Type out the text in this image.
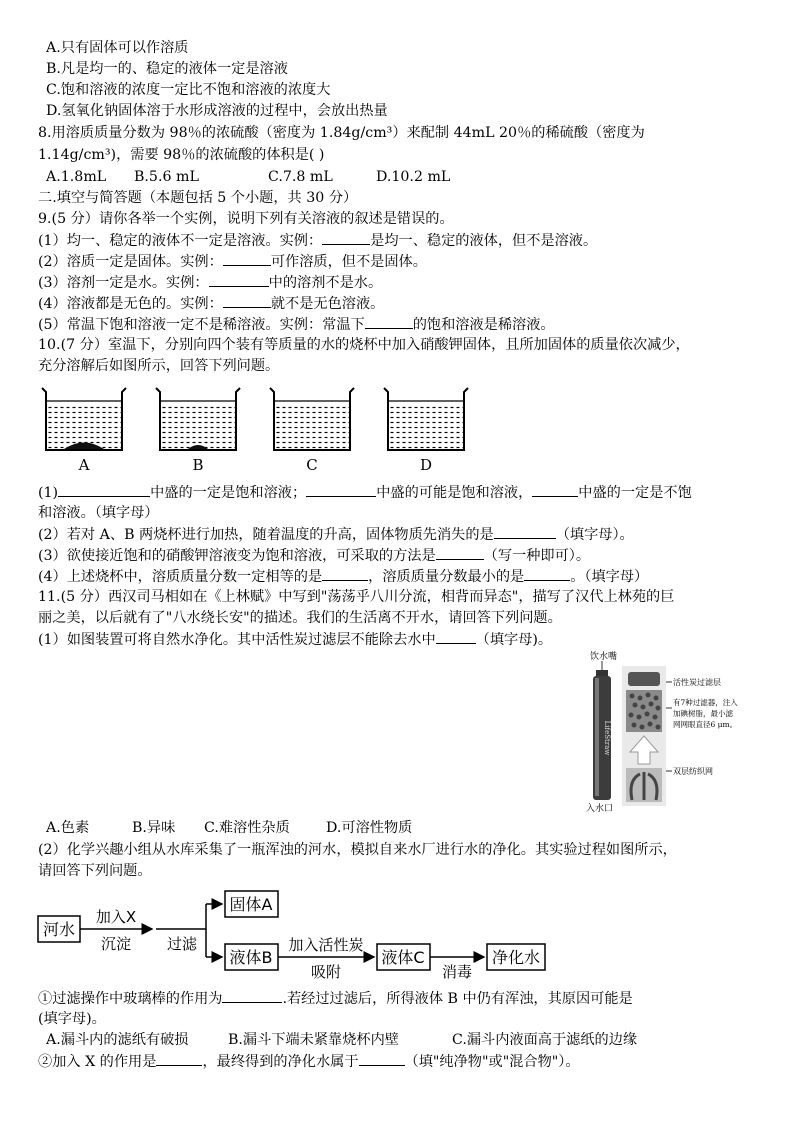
A.只有固体可以作溶质
B.凡是均一的、稳定的液体一定是溶液
C.饱和溶液的浓度一定比不饱和溶液的浓度大
D.氢氧化钠固体溶于水形成溶液的过程中，会放出热量
8.用溶质质量分数为 98％的浓硫酸（密度为 1.84g/cm³）来配制 44mL 20％的稀硫酸（密度为
1.14g/cm³)，需要 98％的浓硫酸的体积是( )
A.1.8mL B.5.6 mL	C.7.8 mL	D.10.2 mL
二.填空与简答题（本题包括 5 个小题，共 30 分）
9.(5 分）请你各举一个实例，说明下列有关溶液的叙述是错误的。
(1）均一、稳定的液体不一定是溶液。实例：	是均一、稳定的液体，但不是溶液。
(2）溶质一定是固体。实例：	可作溶质，但不是固体。
(3）溶剂一定是水。实例：	中的溶剂不是水。
(4）溶液都是无色的。实例：	就不是无色溶液。
(5）常温下饱和溶液一定不是稀溶液。实例：常温下	的饱和溶液是稀溶液。
10.(7 分）室温下，分别向四个装有等质量的水的烧杯中加入硝酸钾固体，且所加固体的质量依次减少，
充分溶解后如图所示，回答下列问题。
A	B	C	D
(1)	中盛的一定是饱和溶液；	中盛的可能是饱和溶液，	中盛的一定是不饱
和溶液。（填字母）
(2）若对 A、B 两烧杯进行加热，随着温度的升高，固体物质先消失的是	（填字母）。
(3）欲使接近饱和的硝酸钾溶液变为饱和溶液，可采取的方法是	（写一种即可）。
(4）上述烧杯中，溶质质量分数一定相等的是	，溶质质量分数最小的是	。（填字母）
11.(5 分）西汉司马相如在《上林赋》中写到"荡荡乎八川分流，相背而异态"，描写了汉代上林苑的巨
丽之美，以后就有了"八水绕长安"的描述。我们的生活离不开水，请回答下列问题。
(1）如图装置可将自然水净化。其中活性炭过滤层不能除去水中	（填字母)。
饮水嘴
LifeStraw
入水口
活性炭过滤层
有7种过滤器，注入
加碘树脂，最小滤
网网眼直径6 μm。
双层纺织网
A.色素	B.异味 C.难溶性杂质	D.可溶性物质
(2）化学兴趣小组从水库采集了一瓶浑浊的河水，模拟自来水厂进行水的净化。其实验过程如图所示，
请回答下列问题。
河水
加入X
沉淀 过滤
固体A
液体B
加入活性炭
吸附
液体C
消毒
净化水
①过滤操作中玻璃棒的作用为	.若经过过滤后，所得液体 B 中仍有浑浊，其原因可能是
(填字母)。
A.漏斗内的滤纸有破损	B.漏斗下端未紧靠烧杯内壁	C.漏斗内液面高于滤纸的边缘
②加入 X 的作用是	，最终得到的净化水属于	（填"纯净物"或"混合物"）。
